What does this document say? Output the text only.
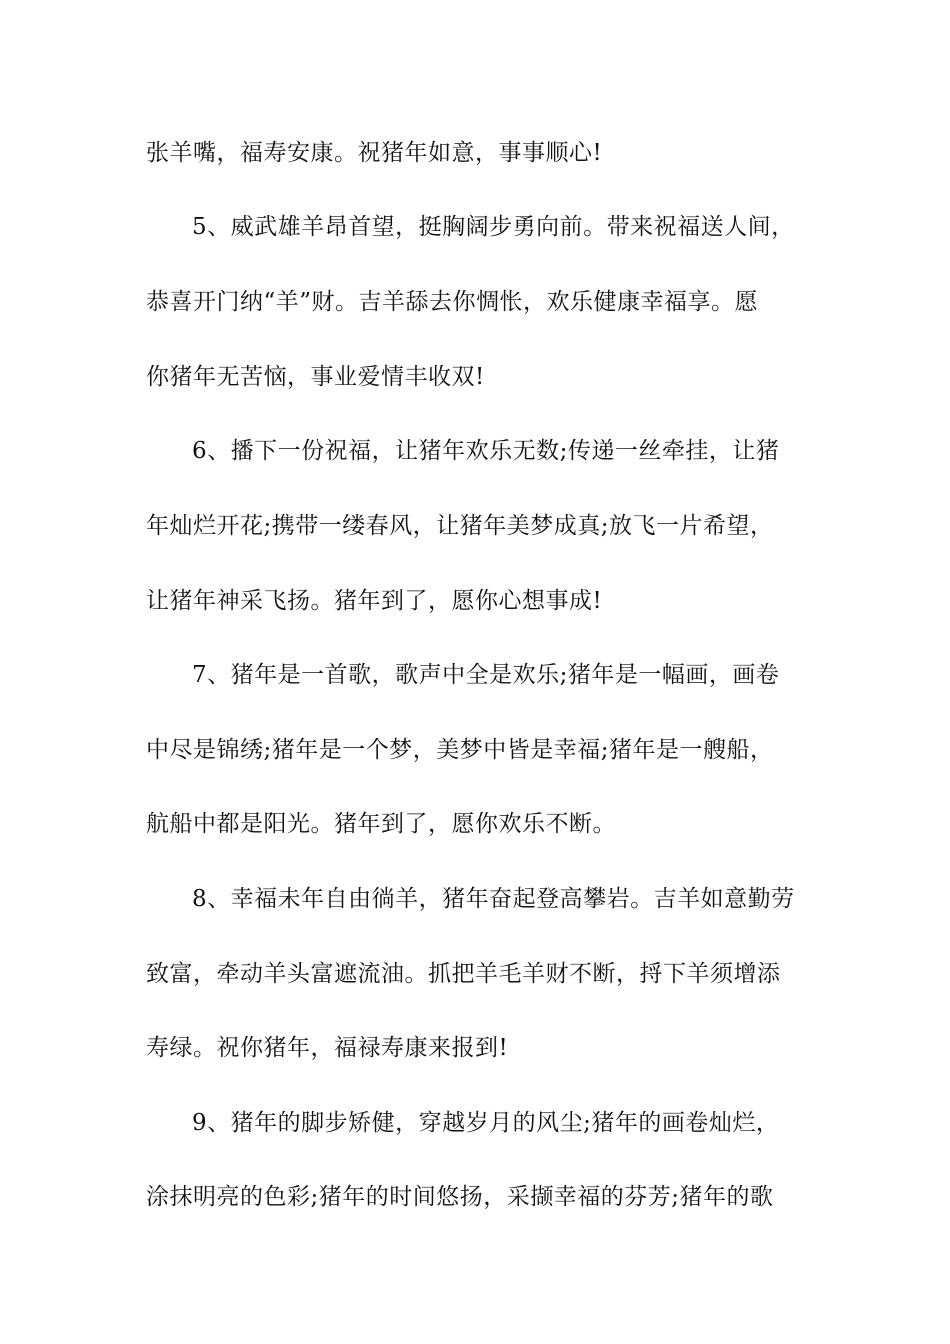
张羊嘴，福寿安康。祝猪年如意，事事顺心!
5、威武雄羊昂首望，挺胸阔步勇向前。带来祝福送人间，
恭喜开门纳“羊”财。吉羊舔去你惆怅，欢乐健康幸福享。愿
你猪年无苦恼，事业爱情丰收双!
6、播下一份祝福，让猪年欢乐无数;传递一丝牵挂，让猪
年灿烂开花;携带一缕春风，让猪年美梦成真;放飞一片希望，
让猪年神采飞扬。猪年到了，愿你心想事成!
7、猪年是一首歌，歌声中全是欢乐;猪年是一幅画，画卷
中尽是锦绣;猪年是一个梦，美梦中皆是幸福;猪年是一艘船，
航船中都是阳光。猪年到了，愿你欢乐不断。
8、幸福未年自由徜羊，猪年奋起登高攀岩。吉羊如意勤劳
致富，牵动羊头富遮流油。抓把羊毛羊财不断，捋下羊须增添
寿绿。祝你猪年，福禄寿康来报到!
9、猪年的脚步矫健，穿越岁月的风尘;猪年的画卷灿烂，
涂抹明亮的色彩;猪年的时间悠扬，采撷幸福的芬芳;猪年的歌
